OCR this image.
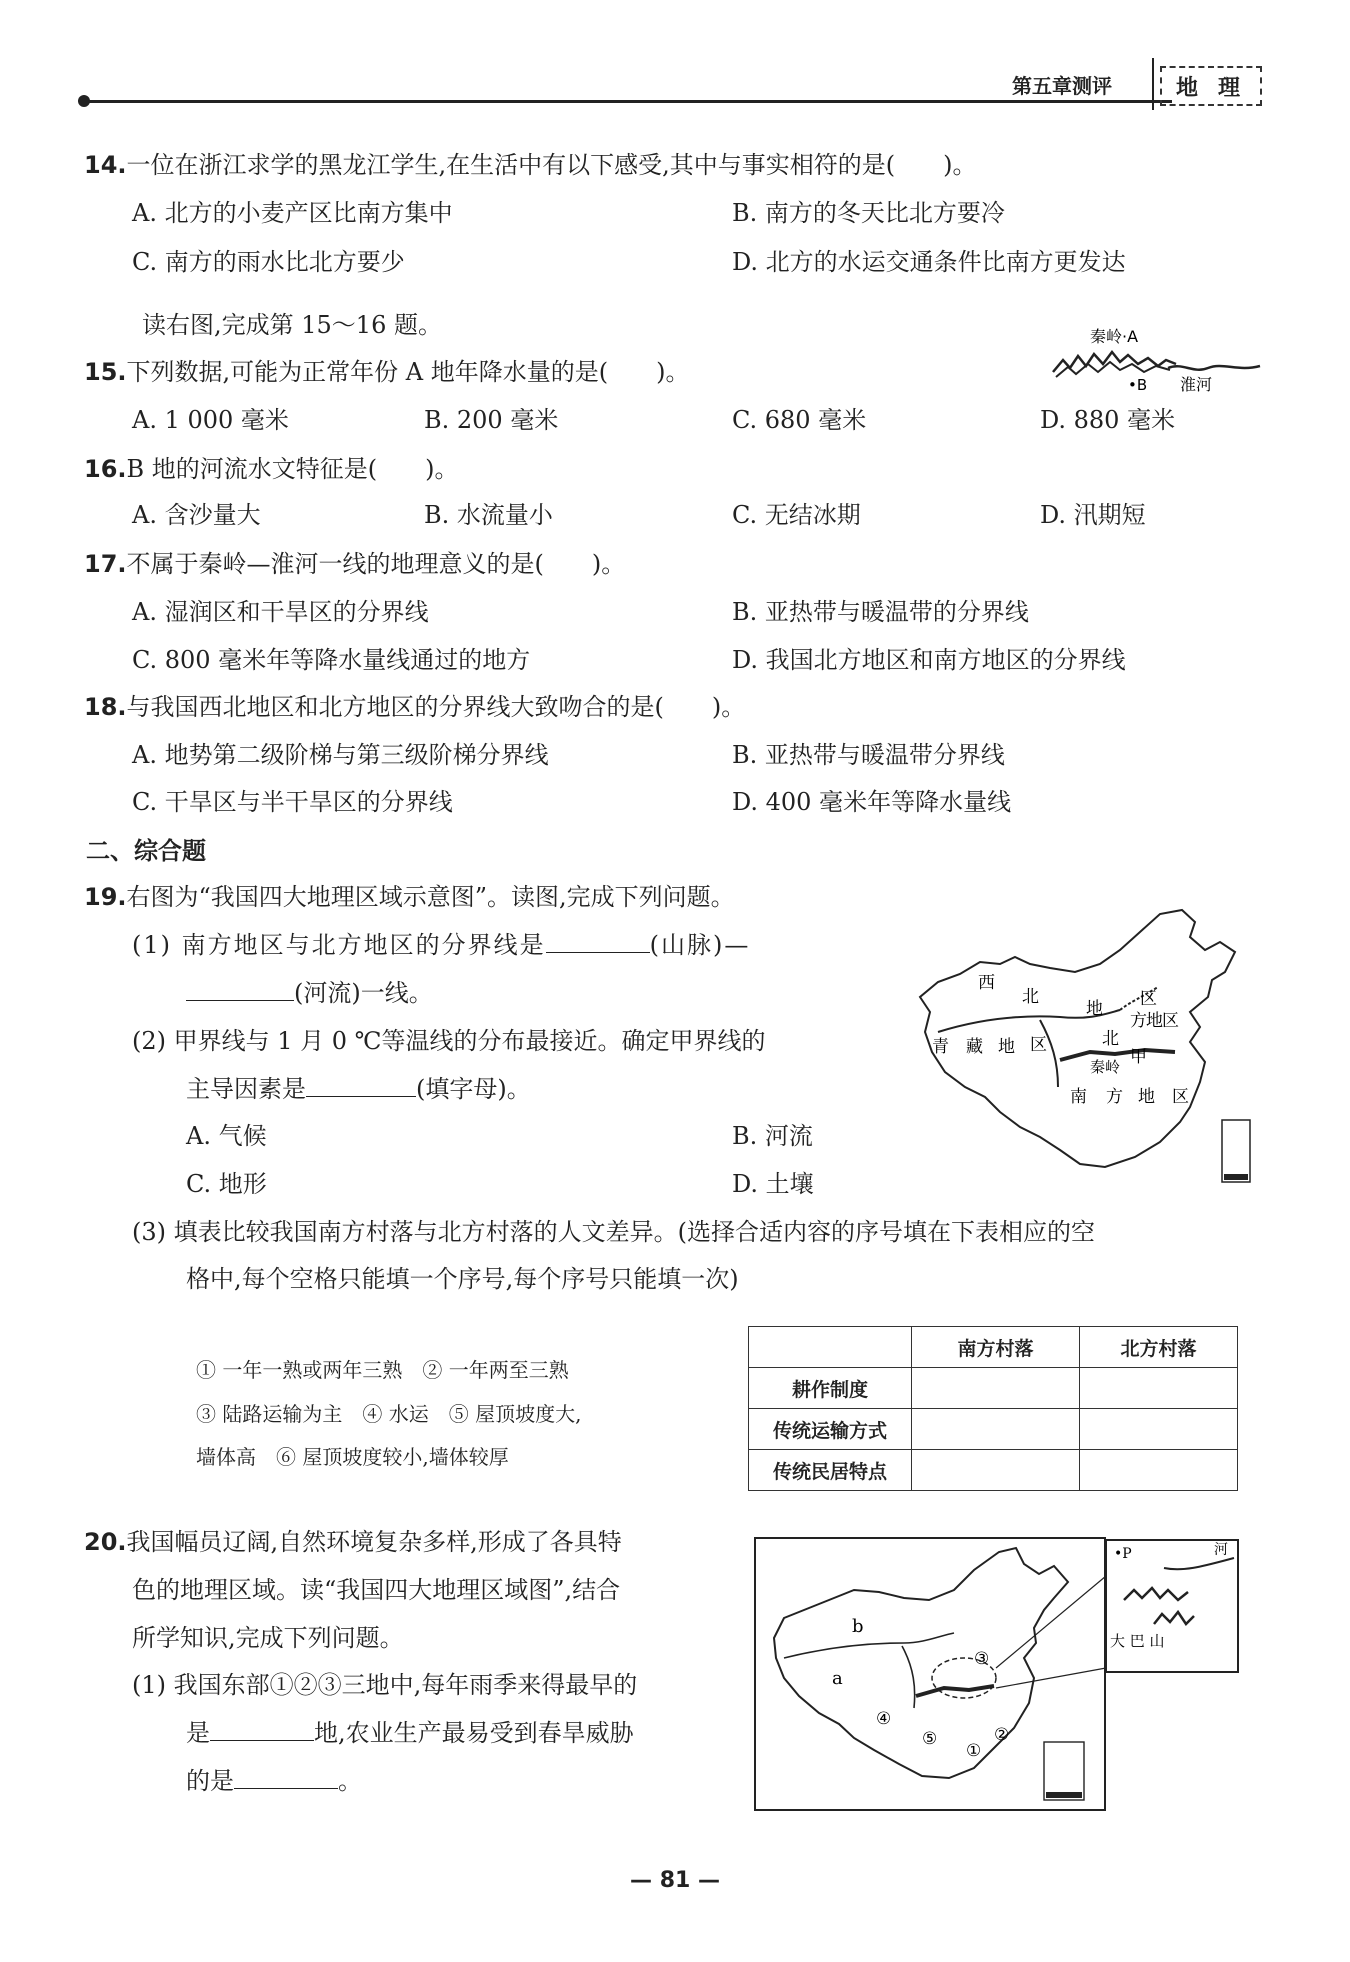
第五章测评	地理
14.一位在浙江求学的黑龙江学生,在生活中有以下感受,其中与事实相符的是(　　)。
A. 北方的小麦产区比南方集中	B. 南方的冬天比北方要冷
C. 南方的雨水比北方要少	D. 北方的水运交通条件比南方更发达
读右图,完成第 15～16 题。	秦岭·A
•B 淮河
15.下列数据,可能为正常年份 A 地年降水量的是(　　)。
A. 1 000 毫米	B. 200 毫米	C. 680 毫米	D. 880 毫米
16.B 地的河流水文特征是(　　)。
A. 含沙量大	B. 水流量小	C. 无结冰期	D. 汛期短
17.不属于秦岭—淮河一线的地理意义的是(　　)。
A. 湿润区和干旱区的分界线	B. 亚热带与暖温带的分界线
C. 800 毫米年等降水量线通过的地方	D. 我国北方地区和南方地区的分界线
18.与我国西北地区和北方地区的分界线大致吻合的是(　　)。
A. 地势第二级阶梯与第三级阶梯分界线	B. 亚热带与暖温带分界线
C. 干旱区与半干旱区的分界线	D. 400 毫米年等降水量线
二、综合题
19.右图为“我国四大地理区域示意图”。读图,完成下列问题。
(1) 南方地区与北方地区的分界线是	(山脉)—
(河流)一线。
(2) 甲界线与 1 月 0 ℃等温线的分布最接近。确定甲界线的
主导因素是	(填字母)。
A. 气候	B. 河流
C. 地形	D. 土壤
西
北
地 区
青 藏 地 区
方 地 区
北
甲
秦岭
南 方 地 区
(3) 填表比较我国南方村落与北方村落的人文差异。(选择合适内容的序号填在下表相应的空
格中,每个空格只能填一个序号,每个序号只能填一次)
① 一年一熟或两年三熟　② 一年两至三熟
③ 陆路运输为主　④ 水运　⑤ 屋顶坡度大,
墙体高　⑥ 屋顶坡度较小,墙体较厚
	南方村落	北方村落
耕作制度		
传统运输方式		
传统民居特点		
20.我国幅员辽阔,自然环境复杂多样,形成了各具特
色的地理区域。读“我国四大地理区域图”,结合
所学知识,完成下列问题。
(1) 我国东部①②③三地中,每年雨季来得最早的
是	地,农业生产最易受到春旱威胁
的是	。
•P	河
大 巴 山
b
a
③
④
⑤	②
①
— 81 —
